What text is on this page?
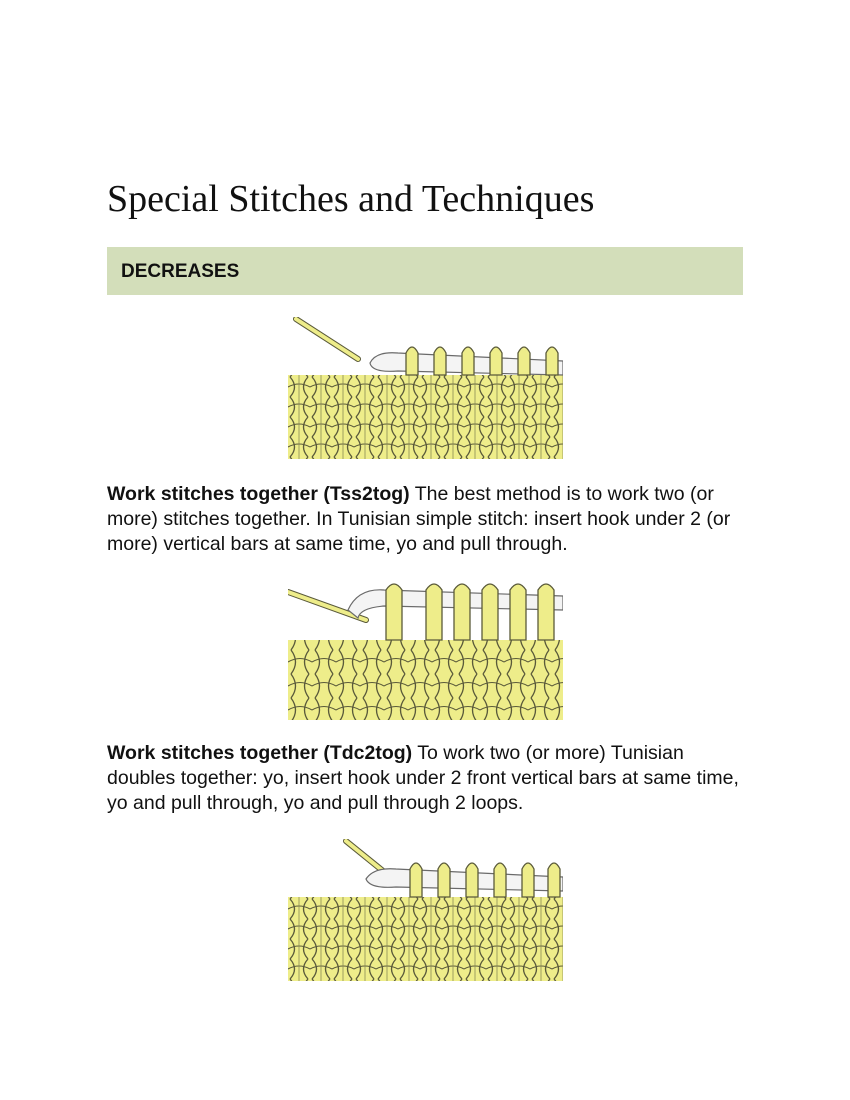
Special Stitches and Techniques
DECREASES

Work stitches together (Tss2tog) The best method is to work two (or more) stitches together. In Tunisian simple stitch: insert hook under 2 (or more) vertical bars at same time, yo and pull through.

Work stitches together (Tdc2tog) To work two (or more) Tunisian doubles together: yo, insert hook under 2 front vertical bars at same time, yo and pull through, yo and pull through 2 loops.
